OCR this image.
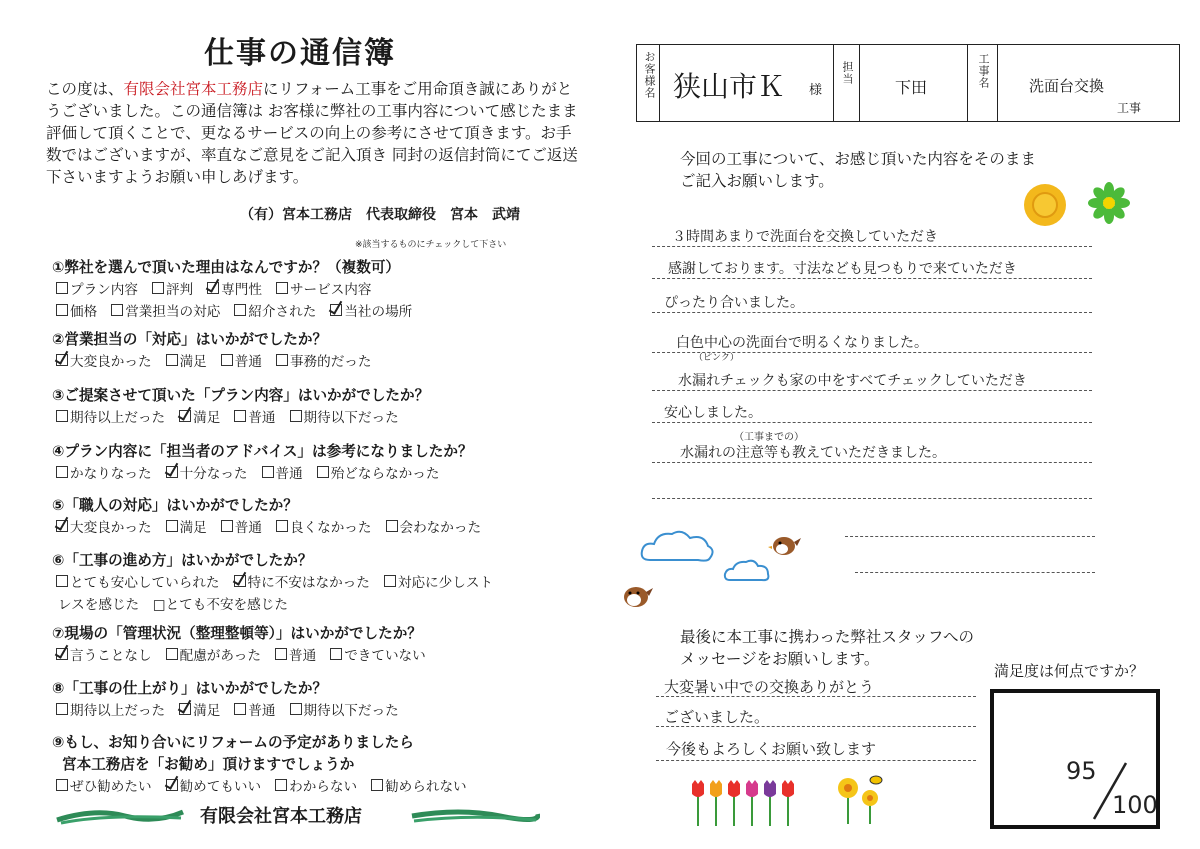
仕事の通信簿
この度は、有限会社宮本工務店にリフォーム工事をご用命頂き誠にありがとうございました。この通信簿は お客様に弊社の工事内容について感じたまま評価して頂くことで、更なるサービスの向上の参考にさせて頂きます。お手数ではございますが、率直なご意見をご記入頂き 同封の返信封筒にてご返送下さいますようお願い申しあげます。
（有）宮本工務店　代表取締役　宮本　武靖
※該当するものにチェックして下さい
①弊社を選んで頂いた理由はなんですか？（複数可）
プラン内容 評判 専門性 サービス内容
価格 営業担当の対応 紹介された 当社の場所
②営業担当の「対応」はいかがでしたか？
大変良かった 満足 普通 事務的だった
③ご提案させて頂いた「プラン内容」はいかがでしたか？
期待以上だった 満足 普通 期待以下だった
④プラン内容に「担当者のアドバイス」は参考になりましたか？
かなりなった 十分なった 普通 殆どならなかった
⑤「職人の対応」はいかがでしたか？
大変良かった 満足 普通 良くなかった 会わなかった
⑥「工事の進め方」はいかがでしたか？
とても安心していられた 特に不安はなかった 対応に少しスト
レスを感じた　□とても不安を感じた
⑦現場の「管理状況（整理整頓等）」はいかがでしたか？
言うことなし 配慮があった 普通 できていない
⑧「工事の仕上がり」はいかがでしたか？
期待以上だった 満足 普通 期待以下だった
⑨もし、お知り合いにリフォームの予定がありましたら
宮本工務店を「お勧め」頂けますでしょうか
ぜひ勧めたい 勧めてもいい わからない 勧められない
有限会社宮本工務店
お客様名 狭山市Ｋ 様
担当
下田	工事名	洗面台交換
工事
今回の工事について、お感じ頂いた内容をそのまま
ご記入お願いします。
３時間あまりで洗面台を交換していただき
感謝しております。寸法なども見つもりで来ていただき
ぴったり合いました。
白色中心の洗面台で明るくなりました。
（ピンク）
水漏れチェックも家の中をすべてチェックしていただき
安心しました。
（工事までの）
水漏れの注意等も教えていただきました。
最後に本工事に携わった弊社スタッフへの
メッセージをお願いします。
満足度は何点ですか？
大変暑い中での交換ありがとう
ございました。
今後もよろしくお願い致します
95
100
